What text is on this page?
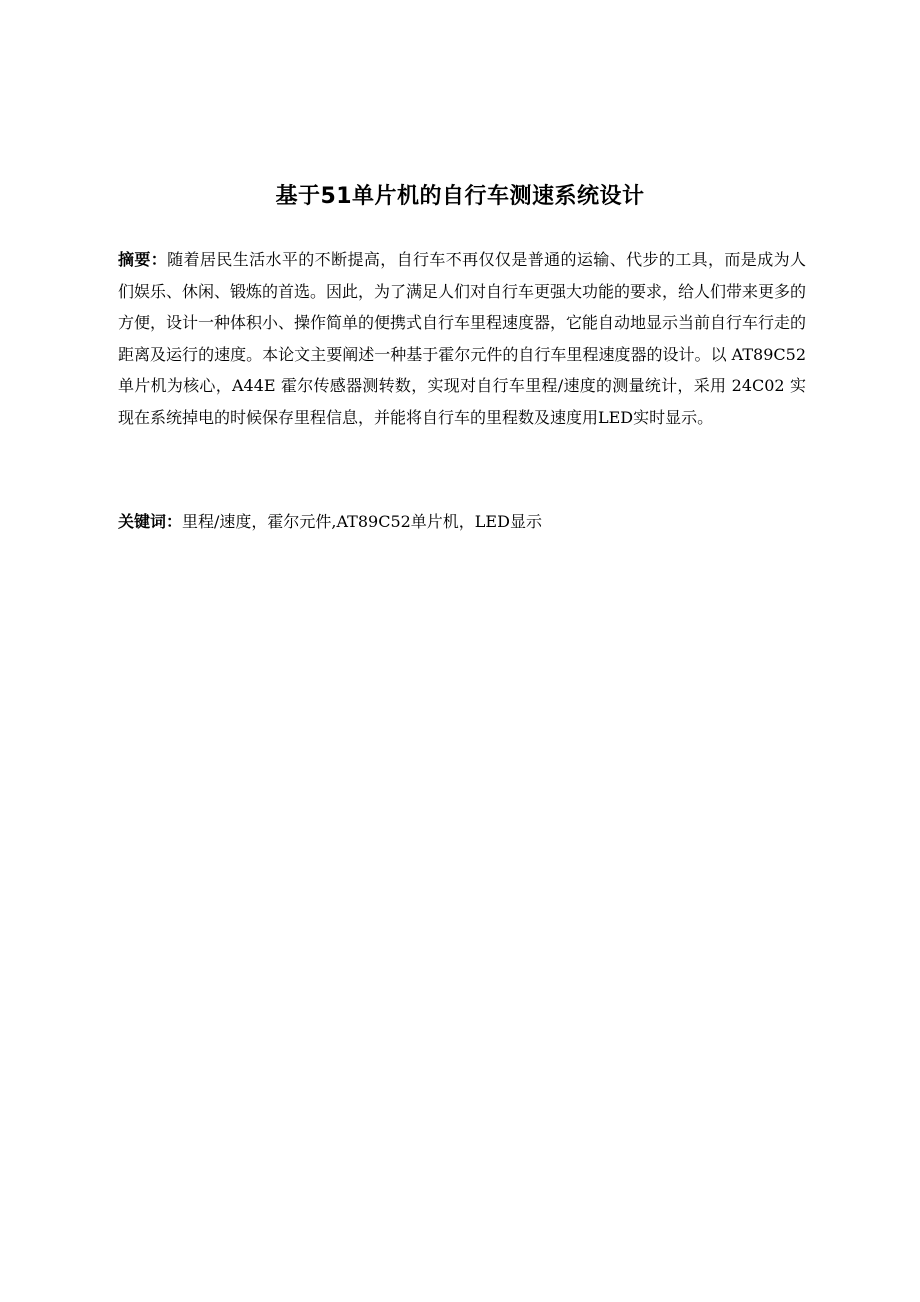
基于51单片机的自行车测速系统设计
摘要：随着居民生活水平的不断提高，自行车不再仅仅是普通的运输、代步的工具，而是成为人们娱乐、休闲、锻炼的首选。因此，为了满足人们对自行车更强大功能的要求，给人们带来更多的方便，设计一种体积小、操作简单的便携式自行车里程速度器，它能自动地显示当前自行车行走的距离及运行的速度。本论文主要阐述一种基于霍尔元件的自行车里程速度器的设计。以 AT89C52 单片机为核心，A44E 霍尔传感器测转数，实现对自行车里程/速度的测量统计，采用 24C02 实现在系统掉电的时候保存里程信息，并能将自行车的里程数及速度用LED实时显示。
关键词：里程/速度，霍尔元件,AT89C52单片机，LED显示
